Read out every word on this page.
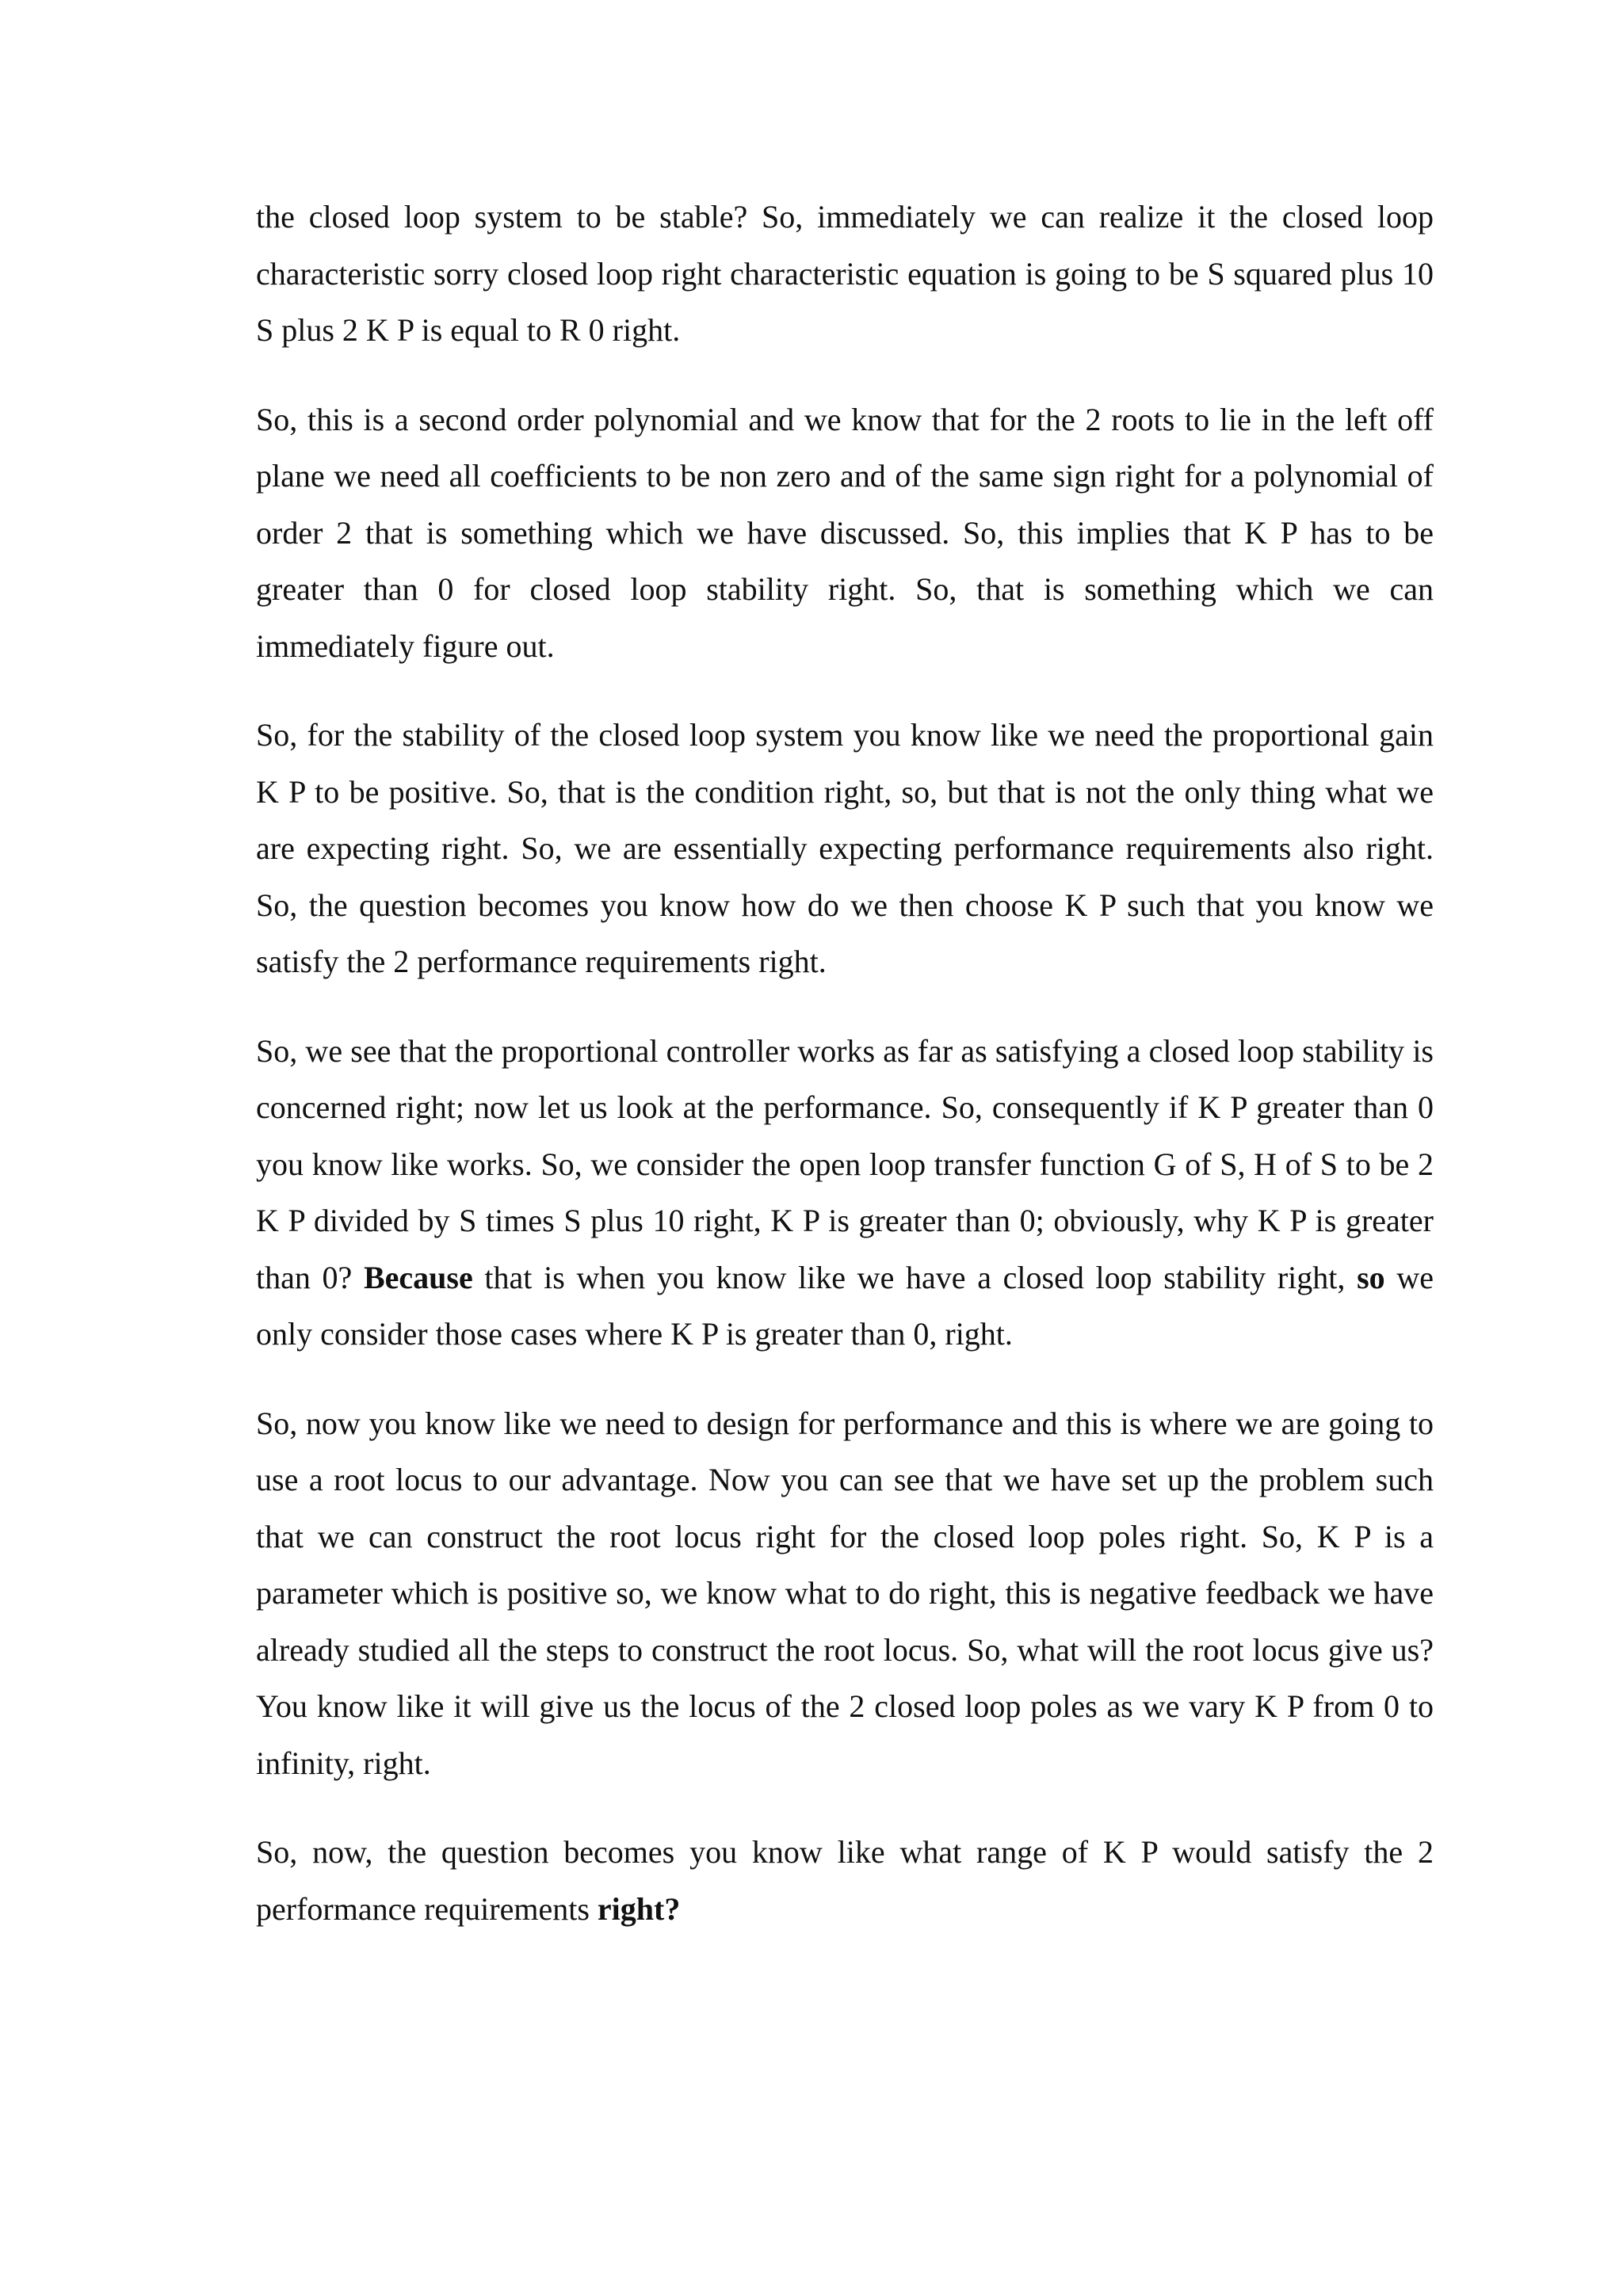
the closed loop system to be stable? So, immediately we can realize it the closed loop characteristic sorry closed loop right characteristic equation is going to be S squared plus 10 S plus 2 K P is equal to R 0 right.

So, this is a second order polynomial and we know that for the 2 roots to lie in the left off plane we need all coefficients to be non zero and of the same sign right for a polynomial of order 2 that is something which we have discussed. So, this implies that K P has to be greater than 0 for closed loop stability right. So, that is something which we can immediately figure out.

So, for the stability of the closed loop system you know like we need the proportional gain K P to be positive. So, that is the condition right, so, but that is not the only thing what we are expecting right. So, we are essentially expecting performance requirements also right. So, the question becomes you know how do we then choose K P such that you know we satisfy the 2 performance requirements right.

So, we see that the proportional controller works as far as satisfying a closed loop stability is concerned right; now let us look at the performance. So, consequently if K P greater than 0 you know like works. So, we consider the open loop transfer function G of S, H of S to be 2 K P divided by S times S plus 10 right, K P is greater than 0; obviously, why K P is greater than 0? Because that is when you know like we have a closed loop stability right, so we only consider those cases where K P is greater than 0, right.

So, now you know like we need to design for performance and this is where we are going to use a root locus to our advantage. Now you can see that we have set up the problem such that we can construct the root locus right for the closed loop poles right. So, K P is a parameter which is positive so, we know what to do right, this is negative feedback we have already studied all the steps to construct the root locus. So, what will the root locus give us? You know like it will give us the locus of the 2 closed loop poles as we vary K P from 0 to infinity, right.

So, now, the question becomes you know like what range of K P would satisfy the 2 performance requirements right?
